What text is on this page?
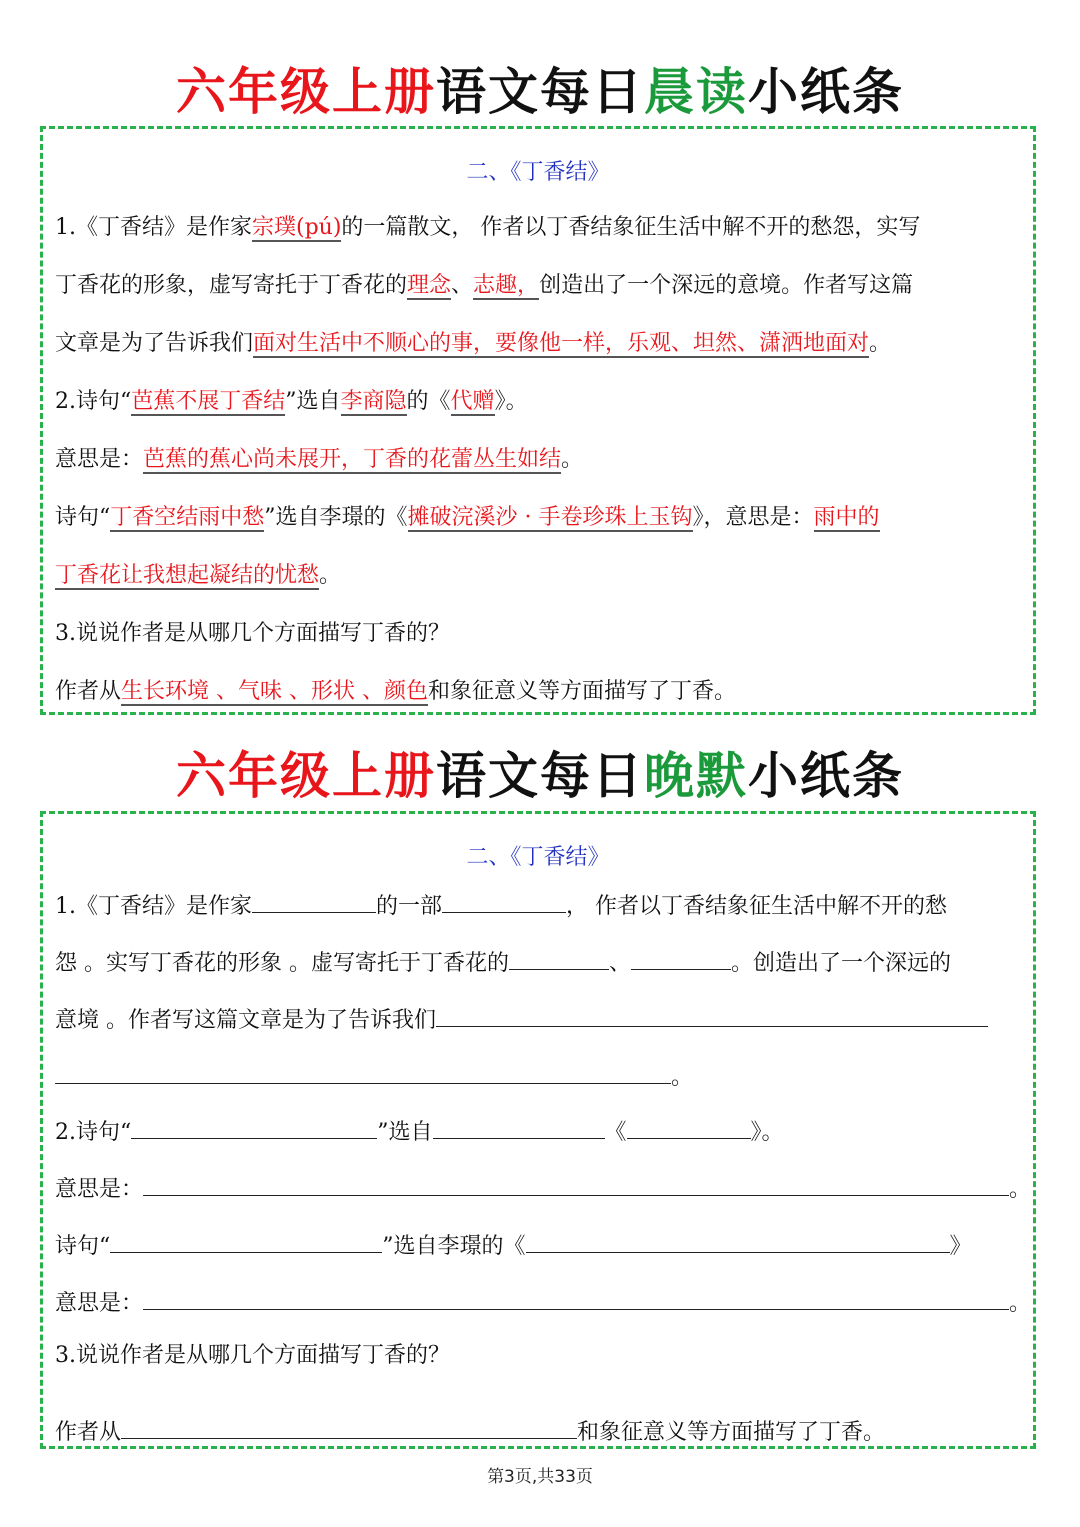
六年级上册语文每日晨读小纸条
二、《丁香结》
1.《丁香结》是作家宗璞(pú)的一篇散文， 作者以丁香结象征生活中解不开的愁怨，实写
丁香花的形象，虚写寄托于丁香花的理念、志趣，创造出了一个深远的意境。作者写这篇
文章是为了告诉我们面对生活中不顺心的事，要像他一样，乐观、坦然、潇洒地面对。
2.诗句“芭蕉不展丁香结”选自李商隐的《代赠》。
意思是：芭蕉的蕉心尚未展开，丁香的花蕾丛生如结。
诗句“丁香空结雨中愁”选自李璟的《摊破浣溪沙 · 手卷珍珠上玉钩》，意思是：雨中的
丁香花让我想起凝结的忧愁。
3.说说作者是从哪几个方面描写丁香的？
作者从生长环境 、气味 、形状 、颜色和象征意义等方面描写了丁香。
六年级上册语文每日晚默小纸条
二、《丁香结》
1.《丁香结》是作家	的一部	， 作者以丁香结象征生活中解不开的愁
怨 。实写丁香花的形象 。虚写寄托于丁香花的	、	。创造出了一个深远的
意境 。作者写这篇文章是为了告诉我们
。
2.诗句“	”选自	《	》。
意思是：	。
诗句“	”选自李璟的《	》
意思是：	。
3.说说作者是从哪几个方面描写丁香的？
作者从	和象征意义等方面描写了丁香。
第3页,共33页
